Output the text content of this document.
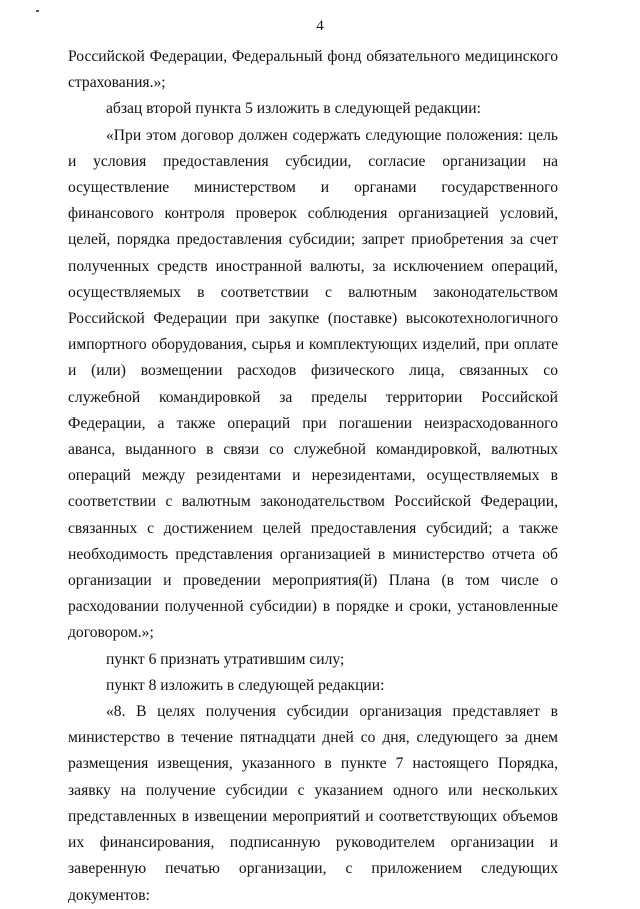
4

Российской Федерации, Федеральный фонд обязательного медицинского страхования.»;

абзац второй пункта 5 изложить в следующей редакции:

«При этом договор должен содержать следующие положения: цель и условия предоставления субсидии, согласие организации на осуществление министерством и органами государственного финансового контроля проверок соблюдения организацией условий, целей, порядка предоставления субсидии; запрет приобретения за счет полученных средств иностранной валюты, за исключением операций, осуществляемых в соответствии с валютным законодательством Российской Федерации при закупке (поставке) высокотехнологичного импортного оборудования, сырья и комплектующих изделий, при оплате и (или) возмещении расходов физического лица, связанных со служебной командировкой за пределы территории Российской Федерации, а также операций при погашении неизрасходованного аванса, выданного в связи со служебной командировкой, валютных операций между резидентами и нерезидентами, осуществляемых в соответствии с валютным законодательством Российской Федерации, связанных с достижением целей предоставления субсидий; а также необходимость представления организацией в министерство отчета об организации и проведении мероприятия(й) Плана (в том числе о расходовании полученной субсидии) в порядке и сроки, установленные договором.»;

пункт 6 признать утратившим силу;

пункт 8 изложить в следующей редакции:

«8. В целях получения субсидии организация представляет в министерство в течение пятнадцати дней со дня, следующего за днем размещения извещения, указанного в пункте 7 настоящего Порядка, заявку на получение субсидии с указанием одного или нескольких представленных в извещении мероприятий и соответствующих объемов их финансирования, подписанную руководителем организации и заверенную печатью организации, с приложением следующих документов:
